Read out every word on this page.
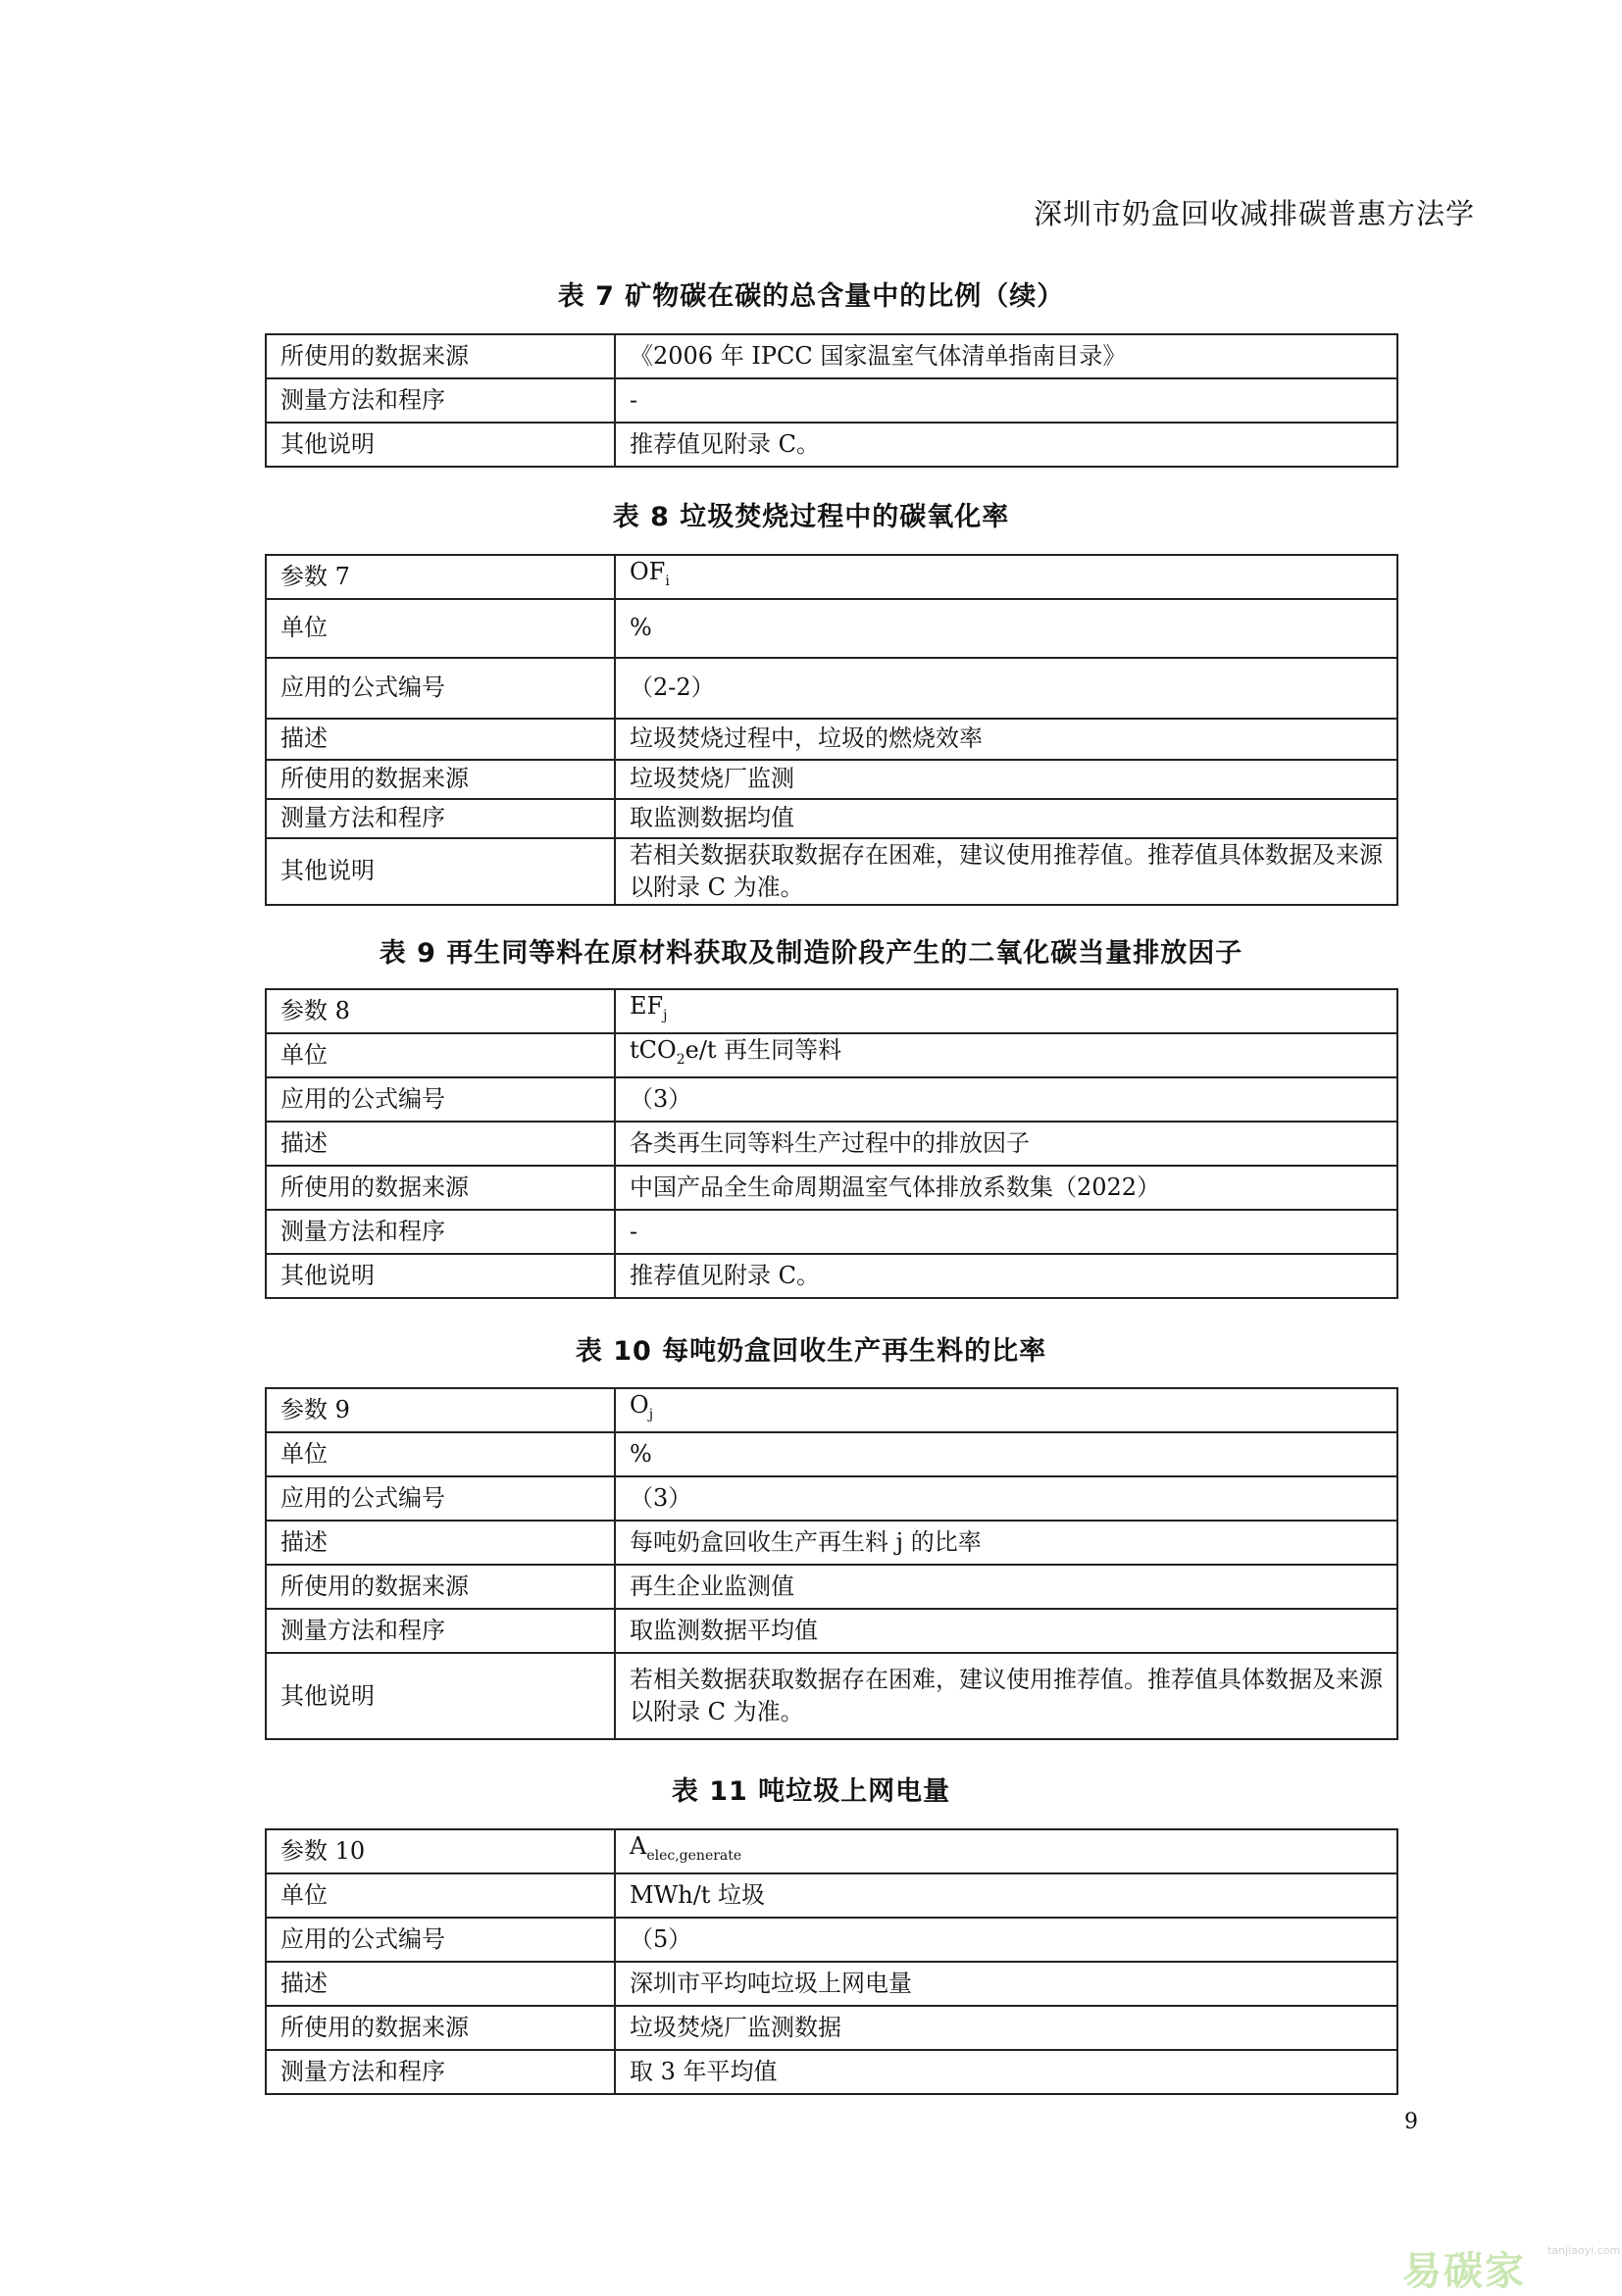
深圳市奶盒回收减排碳普惠方法学
表 7 矿物碳在碳的总含量中的比例（续）
所使用的数据来源	《2006 年 IPCC 国家温室气体清单指南目录》
测量方法和程序	-
其他说明	推荐值见附录 C。
表 8 垃圾焚烧过程中的碳氧化率
参数 7	$OF_i$
单位	%
应用的公式编号	（2-2）
描述	垃圾焚烧过程中，垃圾的燃烧效率
所使用的数据来源	垃圾焚烧厂监测
测量方法和程序	取监测数据均值
其他说明	若相关数据获取数据存在困难，建议使用推荐值。推荐值具体数据及来源以附录 C 为准。
表 9 再生同等料在原材料获取及制造阶段产生的二氧化碳当量排放因子
参数 8	$EF_j$
单位	tCO$_2$e/t 再生同等料
应用的公式编号	（3）
描述	各类再生同等料生产过程中的排放因子
所使用的数据来源	中国产品全生命周期温室气体排放系数集（2022）
测量方法和程序	-
其他说明	推荐值见附录 C。
表 10 每吨奶盒回收生产再生料的比率
参数 9	$O_j$
单位	%
应用的公式编号	（3）
描述	每吨奶盒回收生产再生料 j 的比率
所使用的数据来源	再生企业监测值
测量方法和程序	取监测数据平均值
其他说明	若相关数据获取数据存在困难，建议使用推荐值。推荐值具体数据及来源以附录 C 为准。
表 11 吨垃圾上网电量
参数 10	$A_{elec,generate}$
单位	MWh/t 垃圾
应用的公式编号	（5）
描述	深圳市平均吨垃圾上网电量
所使用的数据来源	垃圾焚烧厂监测数据
测量方法和程序	取 3 年平均值
9
易碳家 tanjiaoyi.com
